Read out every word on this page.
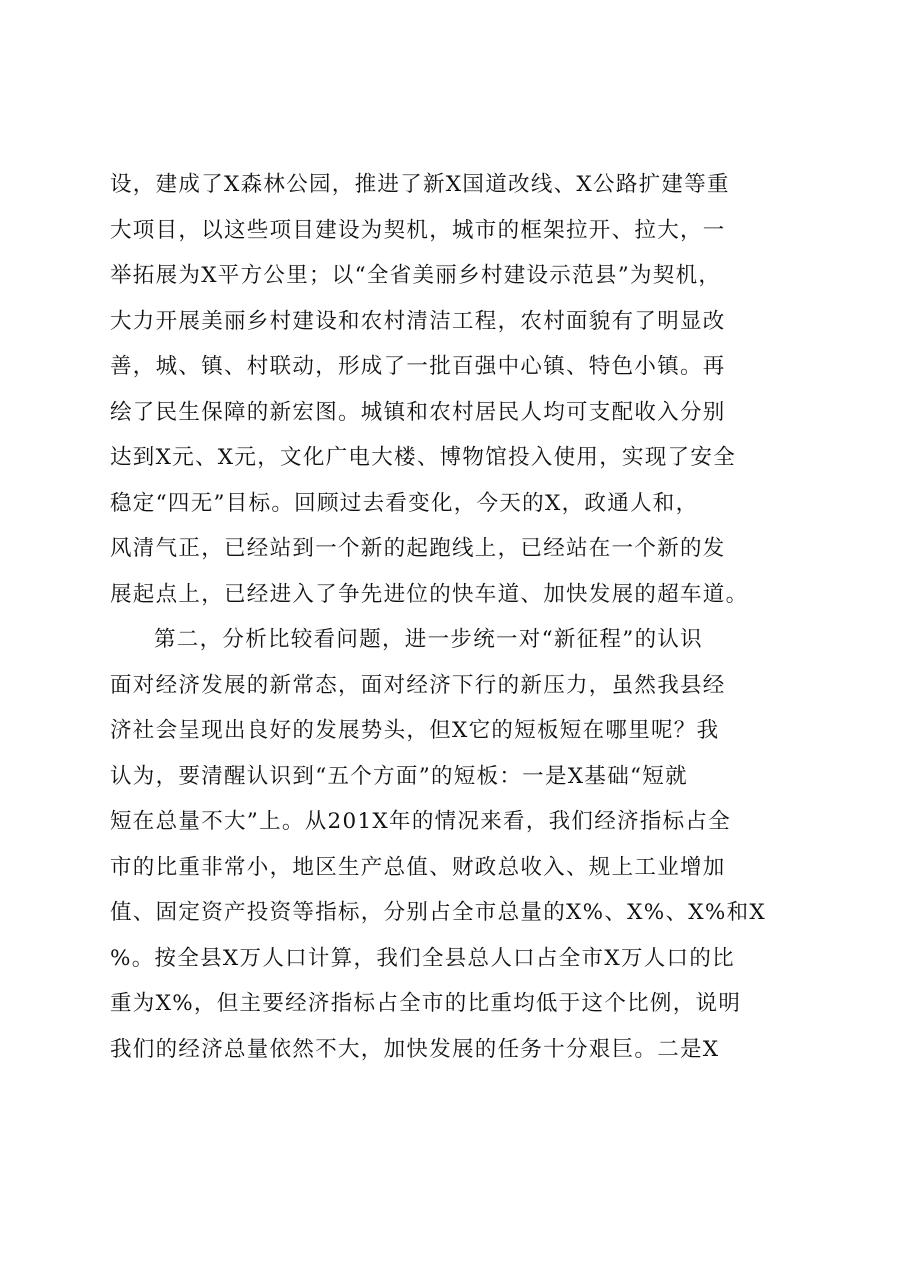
设，建成了X森林公园，推进了新X国道改线、X公路扩建等重
大项目，以这些项目建设为契机，城市的框架拉开、拉大，一
举拓展为X平方公里；以“全省美丽乡村建设示范县”为契机，
大力开展美丽乡村建设和农村清洁工程，农村面貌有了明显改
善，城、镇、村联动，形成了一批百强中心镇、特色小镇。再
绘了民生保障的新宏图。城镇和农村居民人均可支配收入分别
达到X元、X元，文化广电大楼、博物馆投入使用，实现了安全
稳定“四无”目标。回顾过去看变化，今天的X，政通人和，
风清气正，已经站到一个新的起跑线上，已经站在一个新的发
展起点上，已经进入了争先进位的快车道、加快发展的超车道。
第二，分析比较看问题，进一步统一对“新征程”的认识
面对经济发展的新常态，面对经济下行的新压力，虽然我县经
济社会呈现出良好的发展势头，但X它的短板短在哪里呢？我
认为，要清醒认识到“五个方面”的短板：一是X基础“短就
短在总量不大”上。从201X年的情况来看，我们经济指标占全
市的比重非常小，地区生产总值、财政总收入、规上工业增加
值、固定资产投资等指标，分别占全市总量的X%、X%、X%和X
%。按全县X万人口计算，我们全县总人口占全市X万人口的比
重为X%，但主要经济指标占全市的比重均低于这个比例，说明
我们的经济总量依然不大，加快发展的任务十分艰巨。二是X
